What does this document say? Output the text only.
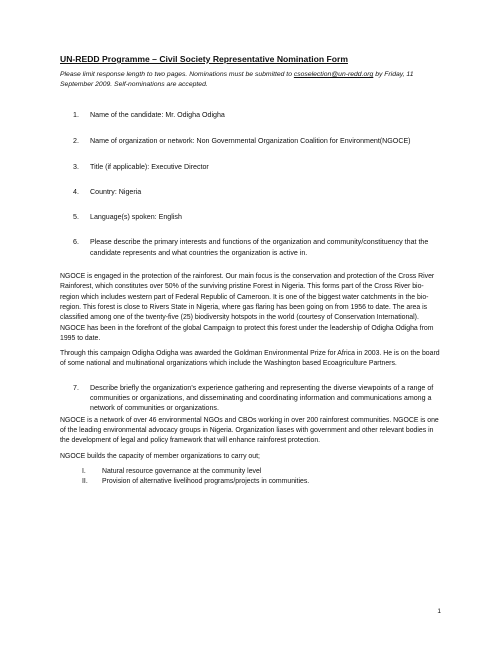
UN-REDD Programme – Civil Society Representative Nomination Form
Please limit response length to two pages. Nominations must be submitted to csoselection@un-redd.org by Friday, 11 September 2009. Self-nominations are accepted.
1. Name of the candidate: Mr. Odigha Odigha
2. Name of organization or network: Non Governmental Organization Coalition for Environment(NGOCE)
3. Title (if applicable): Executive Director
4. Country: Nigeria
5. Language(s) spoken: English
6. Please describe the primary interests and functions of the organization and community/constituency that the candidate represents and what countries the organization is active in.

NGOCE is engaged in the protection of the rainforest. Our main focus is the conservation and protection of the Cross River Rainforest, which constitutes over 50% of the surviving pristine Forest in Nigeria. This forms part of the Cross River bio-region which includes western part of Federal Republic of Cameroon. It is one of the biggest water catchments in the bio-region. This forest is close to Rivers State in Nigeria, where gas flaring has been going on from 1956 to date. The area is classified among one of the twenty-five (25) biodiversity hotspots in the world (courtesy of Conservation International). NGOCE has been in the forefront of the global Campaign to protect this forest under the leadership of Odigha Odigha from 1995 to date.

Through this campaign Odigha Odigha was awarded the Goldman Environmental Prize for Africa in 2003. He is on the board of some national and multinational organizations which include the Washington based Ecoagriculture Partners.

7. Describe briefly the organization's experience gathering and representing the diverse viewpoints of a range of communities or organizations, and disseminating and coordinating information and communications among a network of communities or organizations.

NGOCE is a network of over 46 environmental NGOs and CBOs working in over 200 rainforest communities. NGOCE is one of the leading environmental advocacy groups in Nigeria. Organization liases with government and other relevant bodies in the development of legal and policy framework that will enhance rainforest protection.

NGOCE builds the capacity of member organizations to carry out;

I. Natural resource governance at the community level
II. Provision of alternative livelihood programs/projects in communities.
1
